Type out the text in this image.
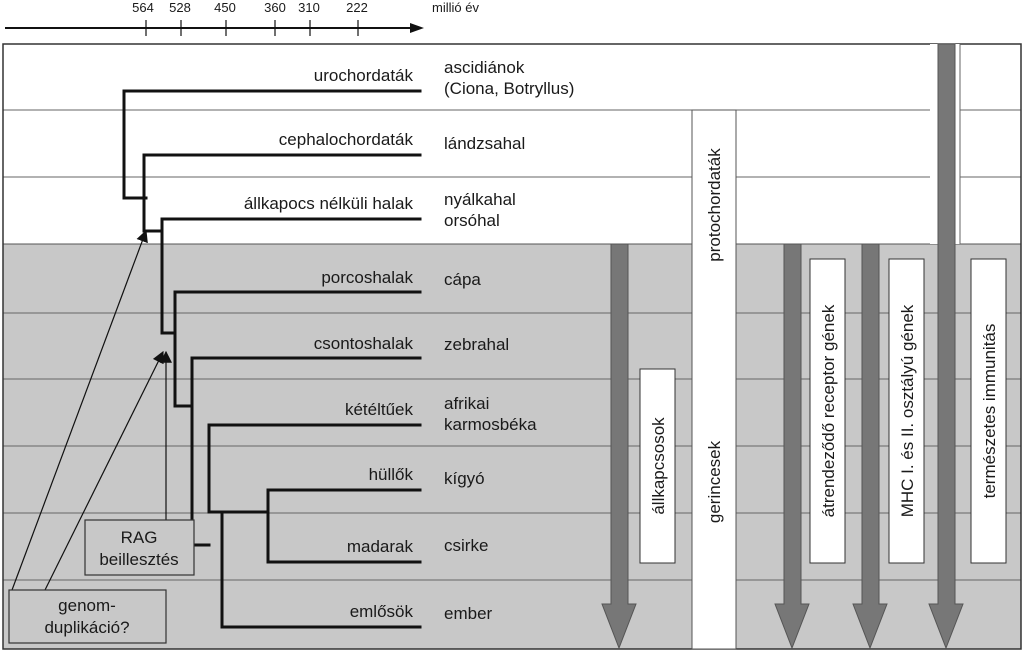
564 528 450 360 310 222	millió év
urochordaták ascidiánok
(Ciona, Botryllus)
cephalochordaták lándzsahal
állkapocs nélküli halak nyálkahal
orsóhal
porcoshalak cápa
csontoshalak zebrahal
kétéltűek afrikai
karmosbéka
hüllők kígyó
madarak csirke
emlősök ember
állkapcsosok
protochordaták
gerincesek	átrendeződő receptor gének	MHC I. és II. osztályú gének	természetes immunitás
RAG
beillesztés
genom-
duplikáció?
